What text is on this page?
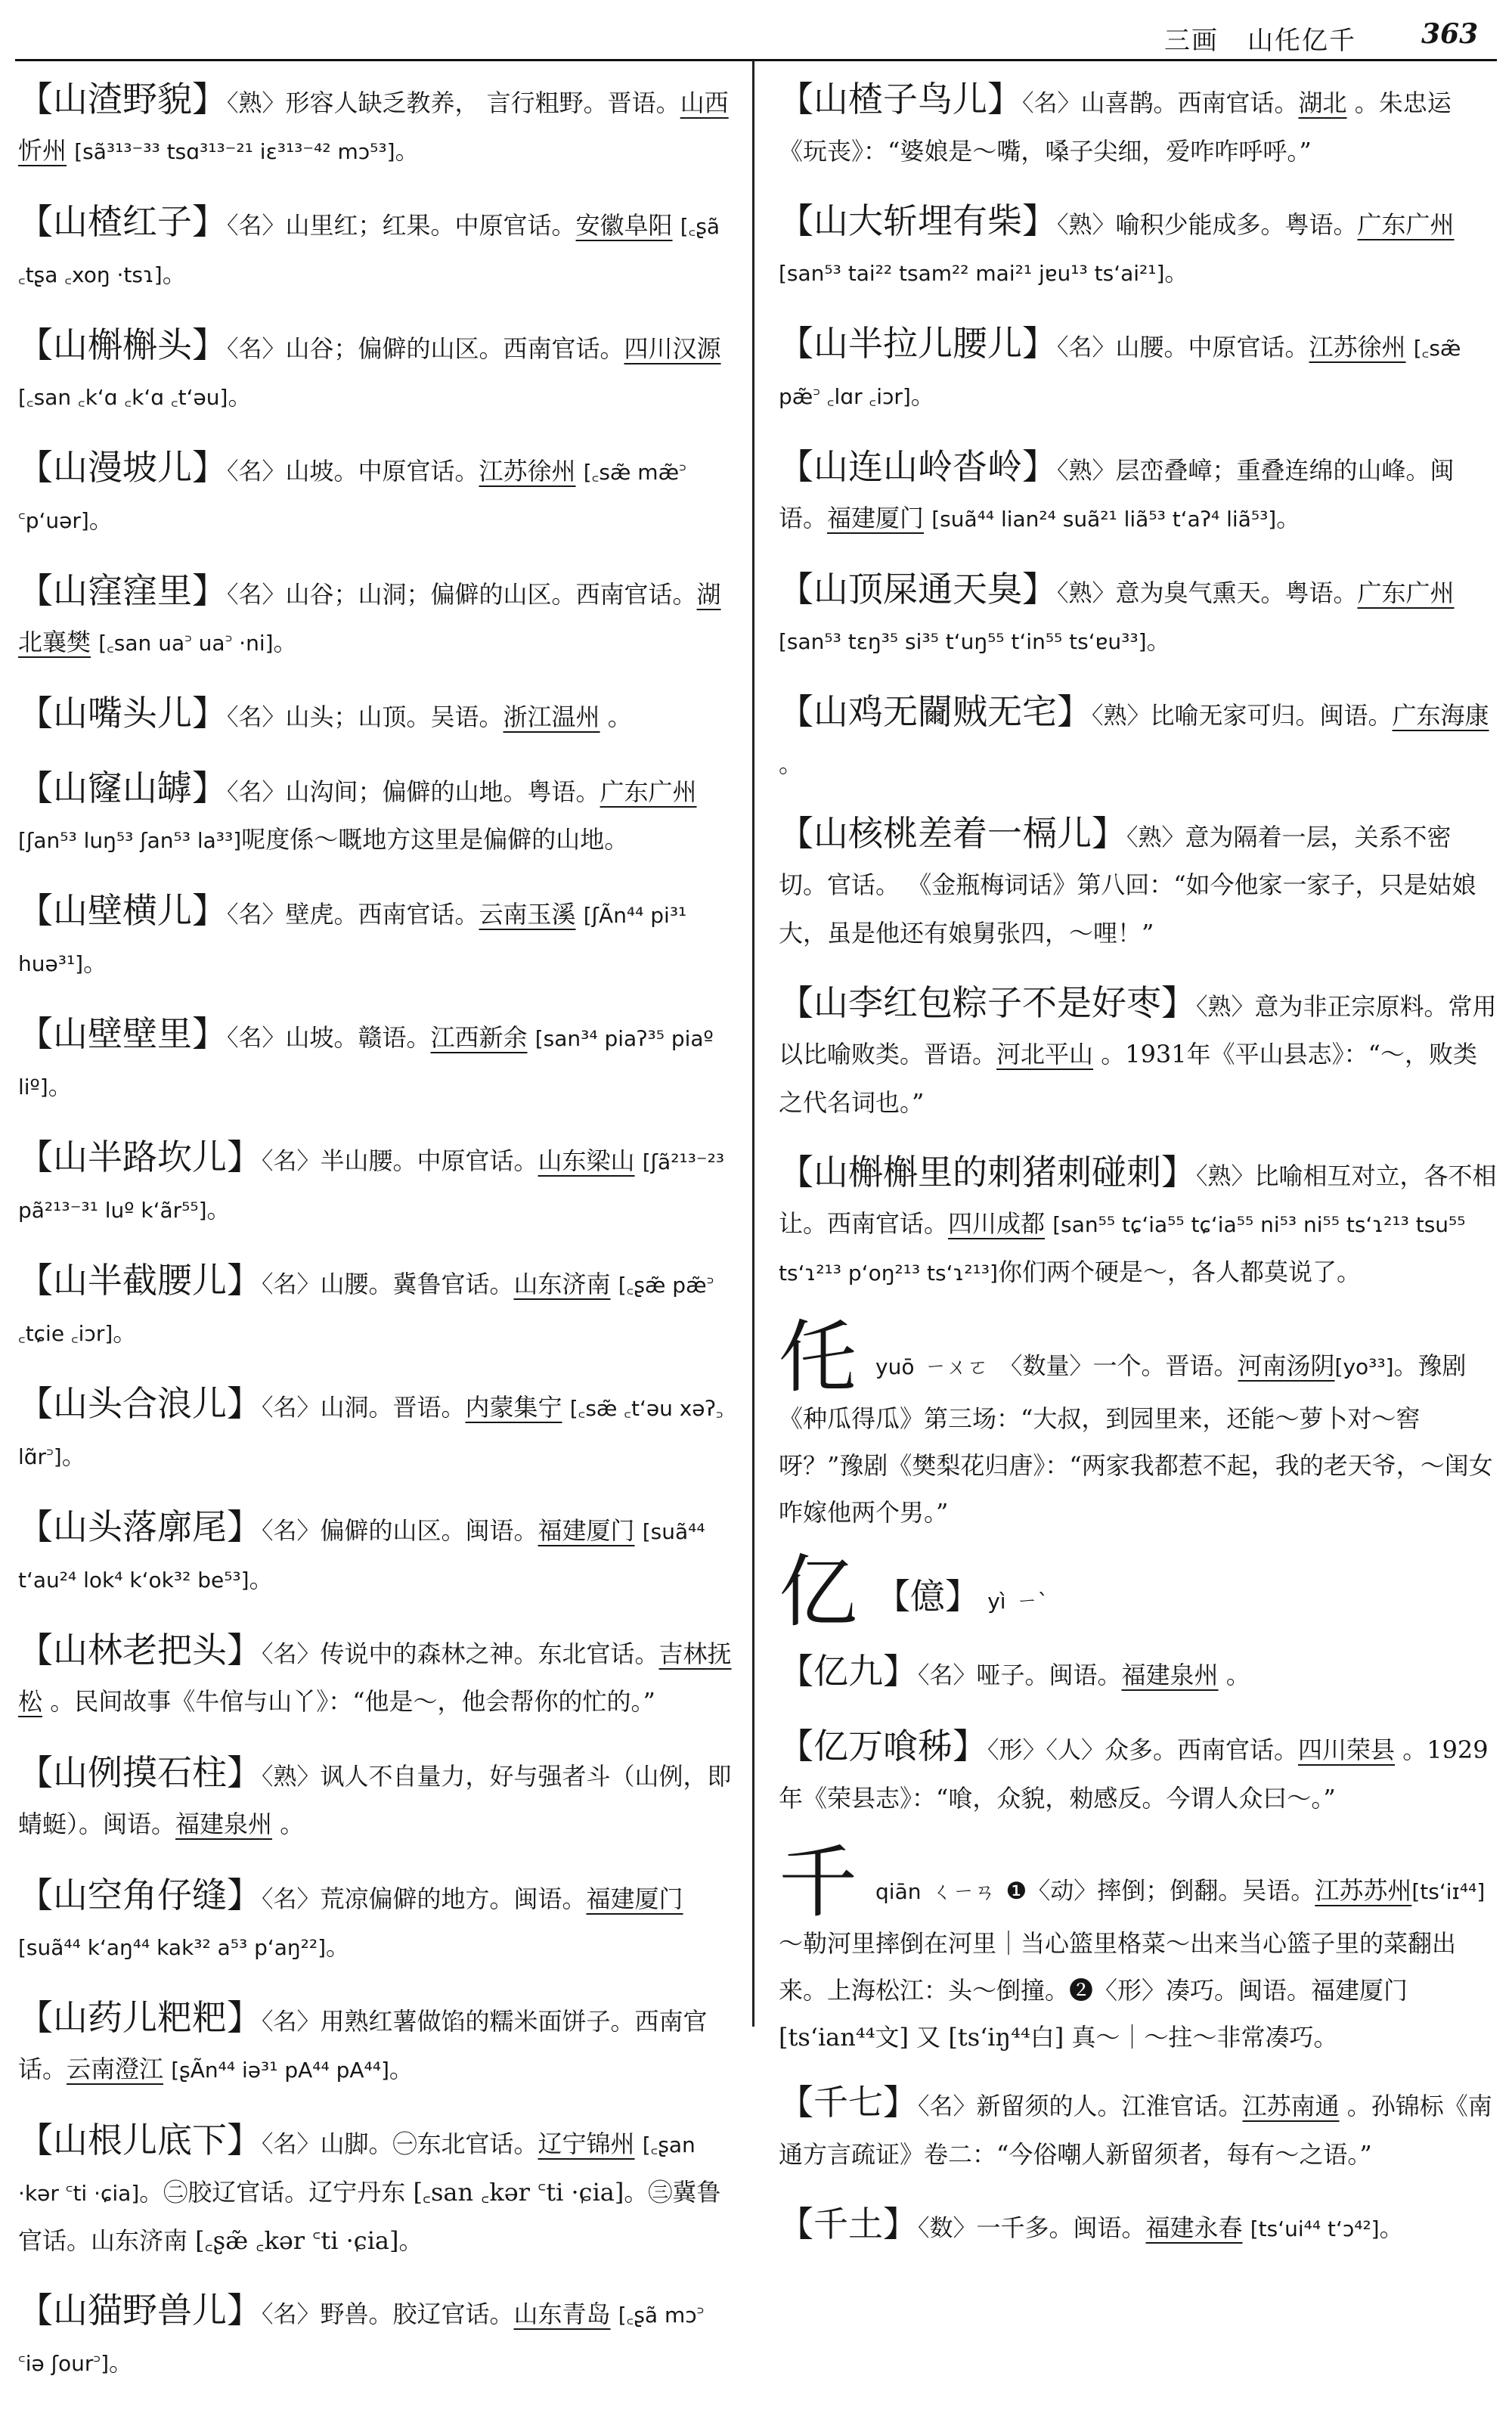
三画 山仛亿千 363
【山渣野貌】〈熟〉形容人缺乏教养， 言行粗野。晋语。山西忻州 [sã³¹³⁻³³ tsɑ³¹³⁻²¹ iɛ³¹³⁻⁴² mɔ⁵³]。
【山楂红子】〈名〉山里红；红果。中原官话。安徽阜阳 [꜀ʂã ꜀tʂa ꜀xoŋ ·tsɿ]。
【山槲槲头】〈名〉山谷；偏僻的山区。西南官话。四川汉源 [꜀san ꜀k‘ɑ ꜀k‘ɑ ꜀t‘əu]。
【山漫坡儿】〈名〉山坡。中原官话。江苏徐州 [꜀sæ̃ mæ̃꜄ ꜂p‘uər]。
【山窪窪里】〈名〉山谷；山洞；偏僻的山区。西南官话。湖北襄樊 [꜀san ua꜄ ua꜄ ·ni]。
【山嘴头儿】〈名〉山头；山顶。吴语。浙江温州 。
【山窿山罅】〈名〉山沟间；偏僻的山地。粤语。广东广州 [ʃan⁵³ luŋ⁵³ ʃan⁵³ la³³]呢度係～嘅地方这里是偏僻的山地。
【山壁横儿】〈名〉壁虎。西南官话。云南玉溪 [ʃÃn⁴⁴ pi³¹ huə³¹]。
【山壁壁里】〈名〉山坡。赣语。江西新余 [san³⁴ piaʔ³⁵ piaº liº]。
【山半路坎儿】〈名〉半山腰。中原官话。山东梁山 [ʃã²¹³⁻²³ pã²¹³⁻³¹ luº k‘ãr⁵⁵]。
【山半截腰儿】〈名〉山腰。冀鲁官话。山东济南 [꜀ʂæ̃ pæ̃꜄ ꜀tɕie ꜀iɔr]。
【山头合浪儿】〈名〉山洞。晋语。内蒙集宁 [꜀sæ̃ ꜀t‘əu xəʔ꜆ lɑ̃r꜄]。
【山头落廓尾】〈名〉偏僻的山区。闽语。福建厦门 [suã⁴⁴ t‘au²⁴ lok⁴ k‘ok³² be⁵³]。
【山林老把头】〈名〉传说中的森林之神。东北官话。吉林抚松 。民间故事《牛倌与山丫》：“他是～，他会帮你的忙的。”
【山例摸石柱】〈熟〉讽人不自量力，好与强者斗（山例，即蜻蜓）。闽语。福建泉州 。
【山空角仔缝】〈名〉荒凉偏僻的地方。闽语。福建厦门 [suã⁴⁴ k‘aŋ⁴⁴ kak³² a⁵³ p‘aŋ²²]。
【山药儿粑粑】〈名〉用熟红薯做馅的糯米面饼子。西南官话。云南澄江 [ʂÃn⁴⁴ iə³¹ pA⁴⁴ pA⁴⁴]。
【山根儿底下】〈名〉山脚。㊀东北官话。辽宁锦州 [꜀ʂan ·kər ꜂ti ·ɕia]。㊁胶辽官话。辽宁丹东 [꜀san ꜀kər ꜂ti ·ɕia]。㊂冀鲁官话。山东济南 [꜀ʂæ̃ ꜀kər ꜂ti ·ɕia]。
【山猫野兽儿】〈名〉野兽。胶辽官话。山东青岛 [꜀ʂã mɔ꜄ ꜂iə ʃour꜄]。
【山楂子鸟儿】〈名〉山喜鹊。西南官话。湖北 。朱忠运《玩丧》：“婆娘是～嘴，嗓子尖细，爱咋咋呼呼。”
【山大斩埋有柴】〈熟〉喻积少能成多。粤语。广东广州 [san⁵³ tai²² tsam²² mai²¹ jɐu¹³ ts‘ai²¹]。
【山半拉儿腰儿】〈名〉山腰。中原官话。江苏徐州 [꜀sæ̃ pæ̃꜄ ꜀lɑr ꜀iɔr]。
【山连山岭沓岭】〈熟〉层峦叠嶂；重叠连绵的山峰。闽语。福建厦门 [suã⁴⁴ lian²⁴ suã²¹ liã⁵³ t‘aʔ⁴ liã⁵³]。
【山顶屎通天臭】〈熟〉意为臭气熏天。粤语。广东广州 [san⁵³ tɛŋ³⁵ si³⁵ t‘uŋ⁵⁵ t‘in⁵⁵ ts‘ɐu³³]。
【山鸡无䦵贼无宅】〈熟〉比喻无家可归。闽语。广东海康 。
【山核桃差着一槅儿】〈熟〉意为隔着一层，关系不密切。官话。 《金瓶梅词话》第八回：“如今他家一家子，只是姑娘大，虽是他还有娘舅张四，～哩！”
【山李红包粽子不是好枣】〈熟〉意为非正宗原料。常用以比喻败类。晋语。河北平山 。1931年《平山县志》：“～，败类之代名词也。”
【山槲槲里的刺猪刺碰刺】〈熟〉比喻相互对立，各不相让。西南官话。四川成都 [san⁵⁵ tɕ‘ia⁵⁵ tɕ‘ia⁵⁵ ni⁵³ ni⁵⁵ ts‘ɿ²¹³ tsu⁵⁵ ts‘ɿ²¹³ p‘oŋ²¹³ ts‘ɿ²¹³]你们两个硬是～，各人都莫说了。
仛yuō ㄧㄨㄛ 〈数量〉一个。晋语。河南汤阴[yo³³]。豫剧《种瓜得瓜》第三场：“大叔，到园里来，还能～萝卜对～窖呀？”豫剧《樊梨花归唐》：“两家我都惹不起，我的老天爷，～闺女咋嫁他两个男。”
亿 【億】 yì ㄧˋ
【亿九】〈名〉哑子。闽语。福建泉州 。
【亿万喰秭】〈形〉〈人〉众多。西南官话。四川荣县 。1929年《荣县志》：“喰，众貌，勑感反。今谓人众曰～。”
千qiān ㄑㄧㄢ ❶〈动〉摔倒；倒翻。吴语。江苏苏州[ts‘iɪ⁴⁴]～勒河里摔倒在河里｜当心篮里格菜～出来当心篮子里的菜翻出来。上海松江：头～倒撞。❷〈形〉凑巧。闽语。福建厦门 [ts‘ian⁴⁴文] 又 [ts‘iŋ⁴⁴白] 真～｜～拄～非常凑巧。
【千七】〈名〉新留须的人。江淮官话。江苏南通 。孙锦标《南通方言疏证》卷二：“今俗嘲人新留须者，每有～之语。”
【千土】〈数〉一千多。闽语。福建永春 [ts‘ui⁴⁴ t‘ɔ⁴²]。
